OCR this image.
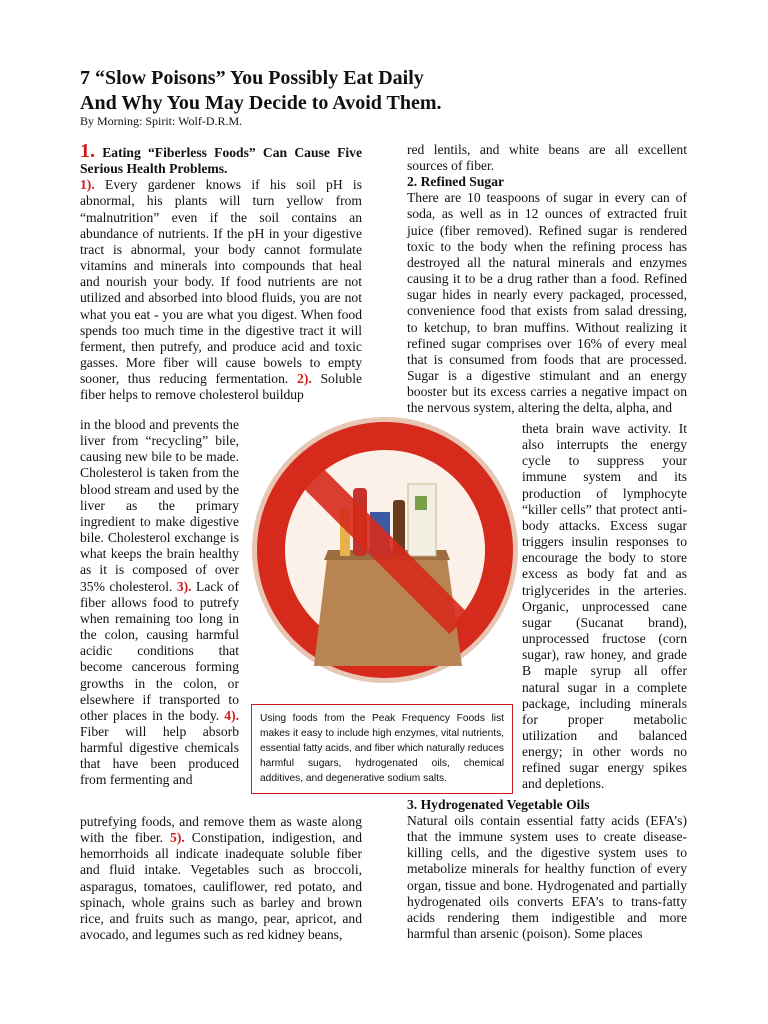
7 “Slow Poisons” You Possibly Eat Daily
And Why You May Decide to Avoid Them.
By Morning: Spirit: Wolf-D.R.M.
1. Eating “Fiberless Foods” Can Cause Five Serious Health Problems.

1). Every gardener knows if his soil pH is abnormal, his plants will turn yellow from “malnutrition” even if the soil contains an abundance of nutrients. If the pH in your digestive tract is abnormal, your body cannot formulate vitamins and minerals into compounds that heal and nourish your body. If food nutrients are not utilized and absorbed into blood fluids, you are not what you eat - you are what you digest. When food spends too much time in the digestive tract it will ferment, then putrefy, and produce acid and toxic gasses. More fiber will cause bowels to empty sooner, thus reducing fermentation. 2). Soluble fiber helps to remove cholesterol buildup

in the blood and prevents the liver from “recycling” bile, causing new bile to be made. Cholesterol is taken from the blood stream and used by the liver as the primary ingredient to make digestive bile. Cholesterol exchange is what keeps the brain healthy as it is composed of over 35% cholesterol. 3). Lack of fiber allows food to putrefy when remaining too long in the colon, causing harmful acidic conditions that become cancerous forming growths in the colon, or elsewhere if transported to other places in the body. 4). Fiber will help absorb harmful digestive chemicals that have been produced from fermenting and

putrefying foods, and remove them as waste along with the fiber. 5). Constipation, indigestion, and hemorrhoids all indicate inadequate soluble fiber and fluid intake. Vegetables such as broccoli, asparagus, tomatoes, cauliflower, red potato, and spinach, whole grains such as barley and brown rice, and fruits such as mango, pear, apricot, and avocado, and legumes such as red kidney beans,

red lentils, and white beans are all excellent sources of fiber.

2. Refined Sugar

There are 10 teaspoons of sugar in every can of soda, as well as in 12 ounces of extracted fruit juice (fiber removed). Refined sugar is rendered toxic to the body when the refining process has destroyed all the natural minerals and enzymes causing it to be a drug rather than a food. Refined sugar hides in nearly every packaged, processed, convenience food that exists from salad dressing, to ketchup, to bran muffins. Without realizing it refined sugar comprises over 16% of every meal that is consumed from foods that are processed. Sugar is a digestive stimulant and an energy booster but its excess carries a negative impact on the nervous system, altering the delta, alpha, and

theta brain wave activity. It also interrupts the energy cycle to suppress your immune system and its production of lymphocyte “killer cells” that protect anti-body attacks. Excess sugar triggers insulin responses to encourage the body to store excess as body fat and as triglycerides in the arteries. Organic, unprocessed cane sugar (Sucanat brand), unprocessed fructose (corn sugar), raw honey, and grade B maple syrup all offer natural sugar in a complete package, including minerals for proper metabolic utilization and balanced energy; in other words no refined sugar energy spikes and depletions.

3. Hydrogenated Vegetable Oils

Natural oils contain essential fatty acids (EFA’s) that the immune system uses to create disease-killing cells, and the digestive system uses to metabolize minerals for healthy function of every organ, tissue and bone. Hydrogenated and partially hydrogenated oils converts EFA’s to trans-fatty acids rendering them indigestible and more harmful than arsenic (poison). Some places

Using foods from the Peak Frequency Foods list makes it easy to include high enzymes, vital nutrients, essential fatty acids, and fiber which naturally reduces harmful sugars, hydrogenated oils, chemical additives, and degenerative sodium salts.
